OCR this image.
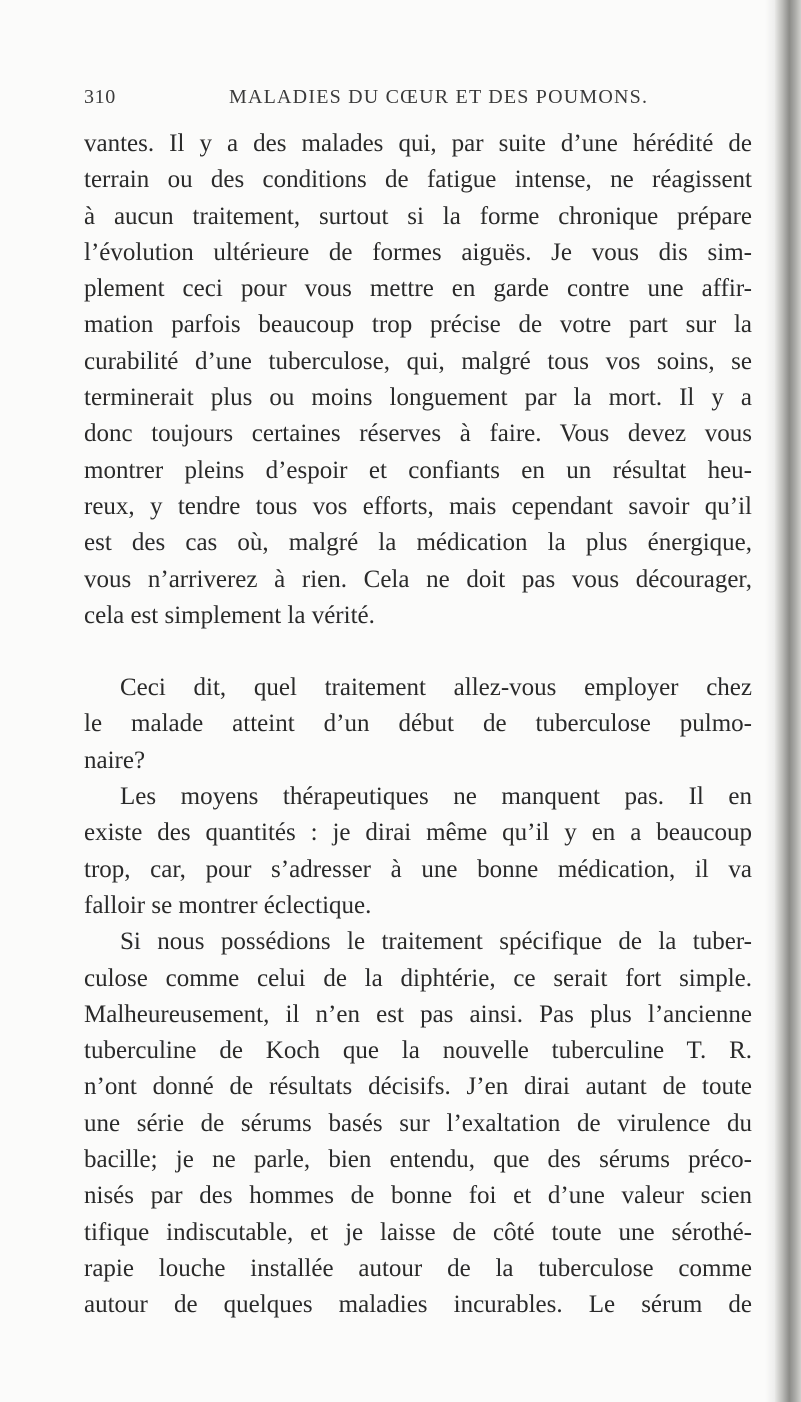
310	MALADIES DU CŒUR ET DES POUMONS.
vantes. Il y a des malades qui, par suite d’une hérédité de
terrain ou des conditions de fatigue intense, ne réagissent
à aucun traitement, surtout si la forme chronique prépare
l’évolution ultérieure de formes aiguës. Je vous dis sim-
plement ceci pour vous mettre en garde contre une affir-
mation parfois beaucoup trop précise de votre part sur la
curabilité d’une tuberculose, qui, malgré tous vos soins, se
terminerait plus ou moins longuement par la mort. Il y a
donc toujours certaines réserves à faire. Vous devez vous
montrer pleins d’espoir et confiants en un résultat heu-
reux, y tendre tous vos efforts, mais cependant savoir qu’il
est des cas où, malgré la médication la plus énergique,
vous n’arriverez à rien. Cela ne doit pas vous décourager,
cela est simplement la vérité.
Ceci dit, quel traitement allez-vous employer chez
le malade atteint d’un début de tuberculose pulmo-
naire?
Les moyens thérapeutiques ne manquent pas. Il en
existe des quantités : je dirai même qu’il y en a beaucoup
trop, car, pour s’adresser à une bonne médication, il va
falloir se montrer éclectique.
Si nous possédions le traitement spécifique de la tuber-
culose comme celui de la diphtérie, ce serait fort simple.
Malheureusement, il n’en est pas ainsi. Pas plus l’ancienne
tuberculine de Koch que la nouvelle tuberculine T. R.
n’ont donné de résultats décisifs. J’en dirai autant de toute
une série de sérums basés sur l’exaltation de virulence du
bacille; je ne parle, bien entendu, que des sérums préco-
nisés par des hommes de bonne foi et d’une valeur scien
tifique indiscutable, et je laisse de côté toute une sérothé-
rapie louche installée autour de la tuberculose comme
autour de quelques maladies incurables. Le sérum de
